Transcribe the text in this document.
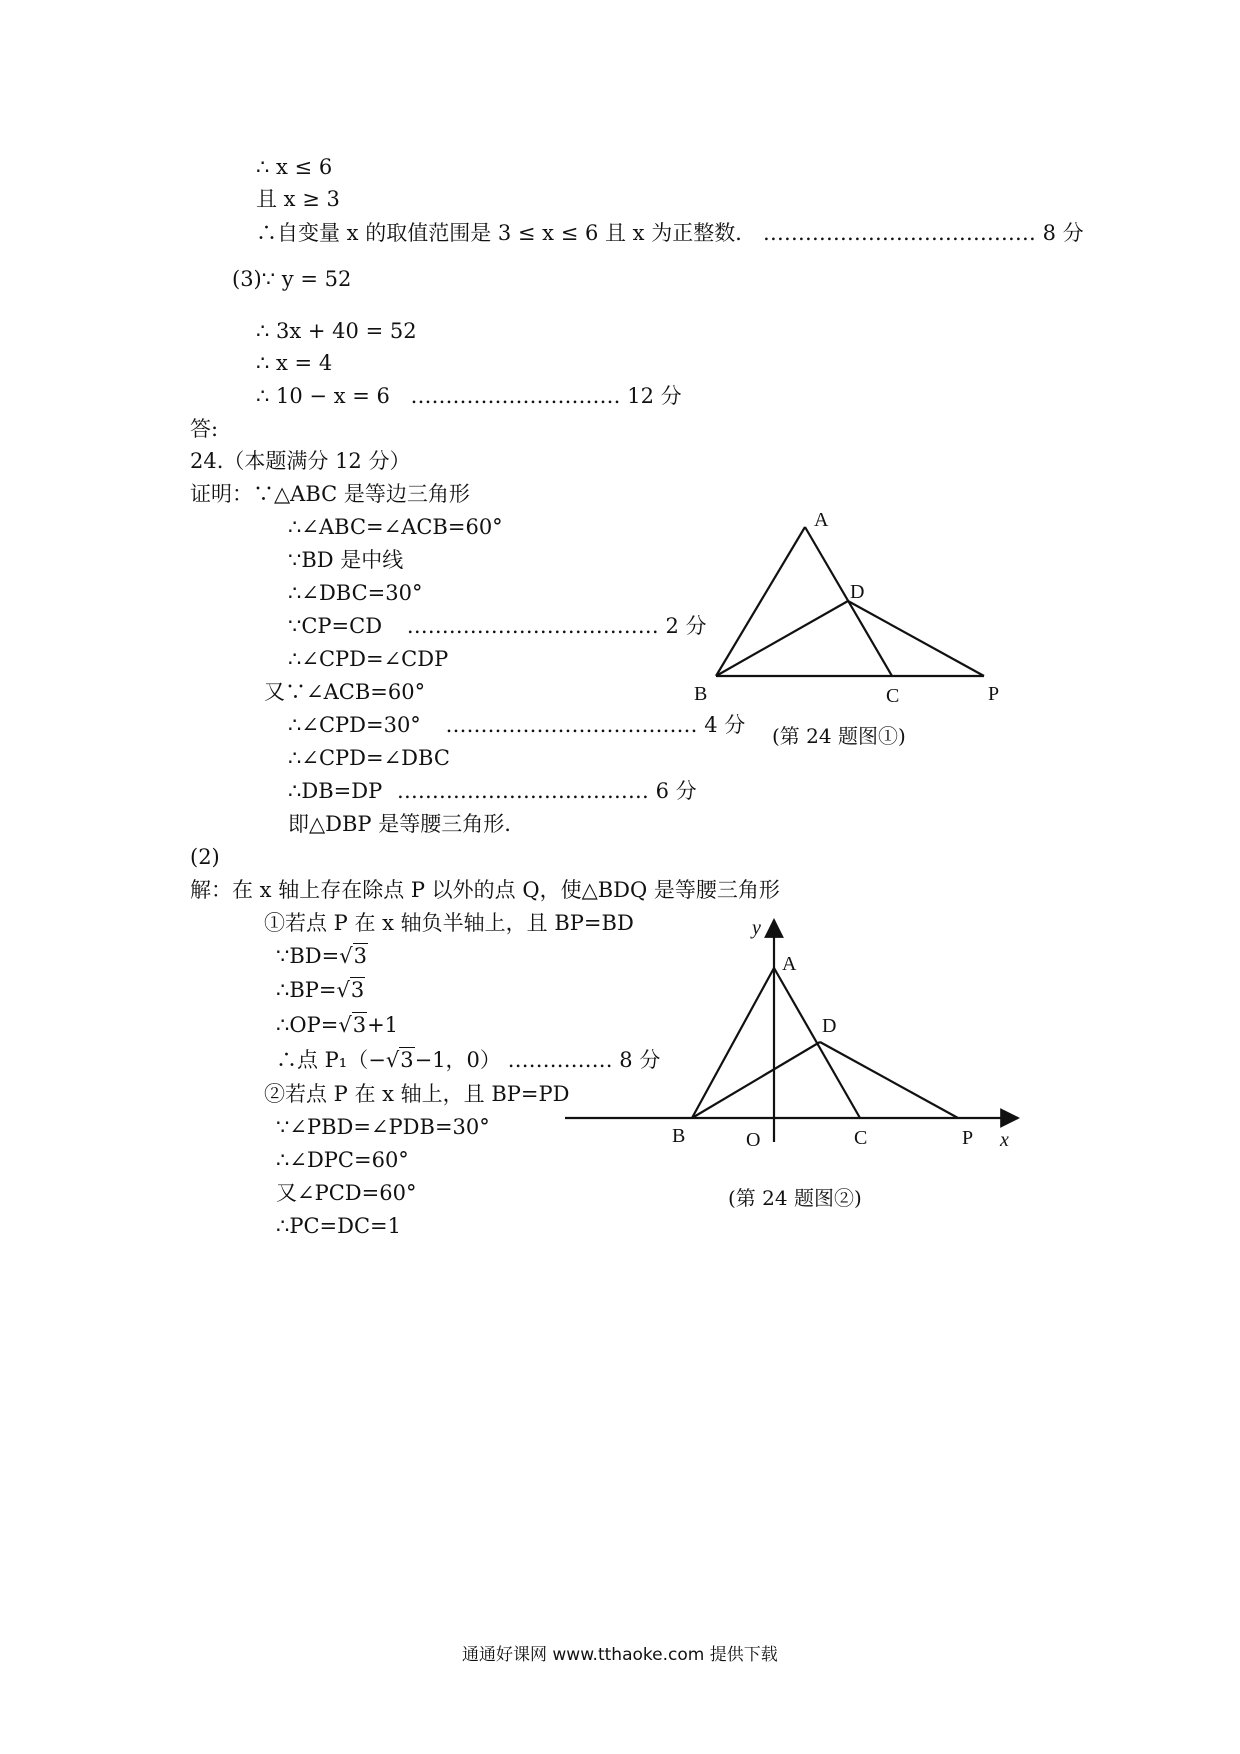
∴ x ≤ 6
且 x ≥ 3
∴自变量 x 的取值范围是 3 ≤ x ≤ 6 且 x 为正整数． ………………………………… 8 分
(3)∵ y = 52
∴ 3x + 40 = 52
∴ x = 4
∴ 10 − x = 6 ………………………… 12 分
答:
24.（本题满分 12 分）
证明：∵△ABC 是等边三角形
∴∠ABC=∠ACB=60°
∵BD 是中线
∴∠DBC=30°
∵CP=CD ……………………………… 2 分
∴∠CPD=∠CDP
又∵∠ACB=60°
∴∠CPD=30° ……………………………… 4 分
∴∠CPD=∠DBC
∴DB=DP ……………………………… 6 分
即△DBP 是等腰三角形.
A
D
B	C	P
(第 24 题图①)
(2)
解：在 x 轴上存在除点 P 以外的点 Q，使△BDQ 是等腰三角形
①若点 P 在 x 轴负半轴上，且 BP=BD
∵BD=√3
∴BP=√3
∴OP=√3+1
∴点 P₁（−√3−1，0） …………… 8 分
②若点 P 在 x 轴上，且 BP=PD
∵∠PBD=∠PDB=30°
∴∠DPC=60°
又∠PCD=60°
∴PC=DC=1
y
A
D
B	O	C	P x
(第 24 题图②)
通通好课网 www.tthaoke.com 提供下载
